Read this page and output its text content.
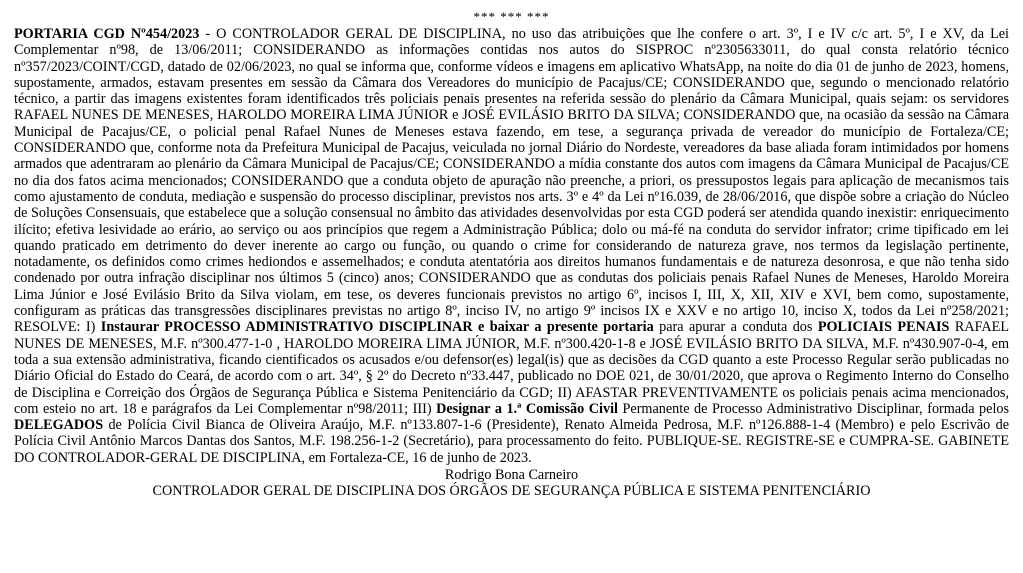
*** *** ***

PORTARIA CGD Nº454/2023 - O CONTROLADOR GERAL DE DISCIPLINA, no uso das atribuições que lhe confere o art. 3º, I e IV c/c art. 5º, I e XV, da Lei Complementar nº98, de 13/06/2011; CONSIDERANDO as informações contidas nos autos do SISPROC nº2305633011, do qual consta relatório técnico nº357/2023/COINT/CGD, datado de 02/06/2023, no qual se informa que, conforme vídeos e imagens em aplicativo WhatsApp, na noite do dia 01 de junho de 2023, homens, supostamente, armados, estavam presentes em sessão da Câmara dos Vereadores do município de Pacajus/CE; CONSIDERANDO que, segundo o mencionado relatório técnico, a partir das imagens existentes foram identificados três policiais penais presentes na referida sessão do plenário da Câmara Municipal, quais sejam: os servidores RAFAEL NUNES DE MENESES, HAROLDO MOREIRA LIMA JÚNIOR e JOSÉ EVILÁSIO BRITO DA SILVA; CONSIDERANDO que, na ocasião da sessão na Câmara Municipal de Pacajus/CE, o policial penal Rafael Nunes de Meneses estava fazendo, em tese, a segurança privada de vereador do município de Fortaleza/CE; CONSIDERANDO que, conforme nota da Prefeitura Municipal de Pacajus, veiculada no jornal Diário do Nordeste, vereadores da base aliada foram intimidados por homens armados que adentraram ao plenário da Câmara Municipal de Pacajus/CE; CONSIDERANDO a mídia constante dos autos com imagens da Câmara Municipal de Pacajus/CE no dia dos fatos acima mencionados; CONSIDERANDO que a conduta objeto de apuração não preenche, a priori, os pressupostos legais para aplicação de mecanismos tais como ajustamento de conduta, mediação e suspensão do processo disciplinar, previstos nos arts. 3º e 4º da Lei nº16.039, de 28/06/2016, que dispõe sobre a criação do Núcleo de Soluções Consensuais, que estabelece que a solução consensual no âmbito das atividades desenvolvidas por esta CGD poderá ser atendida quando inexistir: enriquecimento ilícito; efetiva lesividade ao erário, ao serviço ou aos princípios que regem a Administração Pública; dolo ou má-fé na conduta do servidor infrator; crime tipificado em lei quando praticado em detrimento do dever inerente ao cargo ou função, ou quando o crime for considerando de natureza grave, nos termos da legislação pertinente, notadamente, os definidos como crimes hediondos e assemelhados; e conduta atentatória aos direitos humanos fundamentais e de natureza desonrosa, e que não tenha sido condenado por outra infração disciplinar nos últimos 5 (cinco) anos; CONSIDERANDO que as condutas dos policiais penais Rafael Nunes de Meneses, Haroldo Moreira Lima Júnior e José Evilásio Brito da Silva violam, em tese, os deveres funcionais previstos no artigo 6º, incisos I, III, X, XII, XIV e XVI, bem como, supostamente, configuram as práticas das transgressões disciplinares previstas no artigo 8º, inciso IV, no artigo 9º incisos IX e XXV e no artigo 10, inciso X, todos da Lei nº258/2021; RESOLVE: I) Instaurar PROCESSO ADMINISTRATIVO DISCIPLINAR e baixar a presente portaria para apurar a conduta dos POLICIAIS PENAIS RAFAEL NUNES DE MENESES, M.F. nº300.477-1-0 , HAROLDO MOREIRA LIMA JÚNIOR, M.F. nº300.420-1-8 e JOSÉ EVILÁSIO BRITO DA SILVA, M.F. nº430.907-0-4, em toda a sua extensão administrativa, ficando cientificados os acusados e/ou defensor(es) legal(is) que as decisões da CGD quanto a este Processo Regular serão publicadas no Diário Oficial do Estado do Ceará, de acordo com o art. 34º, § 2º do Decreto nº33.447, publicado no DOE 021, de 30/01/2020, que aprova o Regimento Interno do Conselho de Disciplina e Correição dos Órgãos de Segurança Pública e Sistema Penitenciário da CGD; II) AFASTAR PREVENTIVAMENTE os policiais penais acima mencionados, com esteio no art. 18 e parágrafos da Lei Complementar nº98/2011; III) Designar a 1.ª Comissão Civil Permanente de Processo Administrativo Disciplinar, formada pelos DELEGADOS de Polícia Civil Bianca de Oliveira Araújo, M.F. nº133.807-1-6 (Presidente), Renato Almeida Pedrosa, M.F. nº126.888-1-4 (Membro) e pelo Escrivão de Polícia Civil Antônio Marcos Dantas dos Santos, M.F. 198.256-1-2 (Secretário), para processamento do feito. PUBLIQUE-SE. REGISTRE-SE e CUMPRA-SE. GABINETE DO CONTROLADOR-GERAL DE DISCIPLINA, em Fortaleza-CE, 16 de junho de 2023.

Rodrigo Bona Carneiro
CONTROLADOR GERAL DE DISCIPLINA DOS ÓRGÃOS DE SEGURANÇA PÚBLICA E SISTEMA PENITENCIÁRIO
